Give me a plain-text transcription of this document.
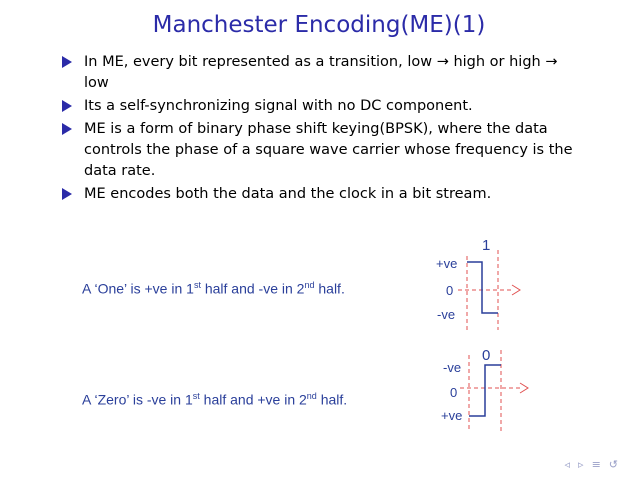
Manchester Encoding(ME)(1)
In ME, every bit represented as a transition, low → high or high → low
Its a self-synchronizing signal with no DC component.
ME is a form of binary phase shift keying(BPSK), where the data controls the phase of a square wave carrier whose frequency is the data rate.
ME encodes both the data and the clock in a bit stream.
A ‘One’ is +ve in 1st half and -ve in 2nd half.
A ‘Zero’ is -ve in 1st half and +ve in 2nd half.
1
+ve
0
-ve
0
-ve
0
+ve
◃▹≡↺
